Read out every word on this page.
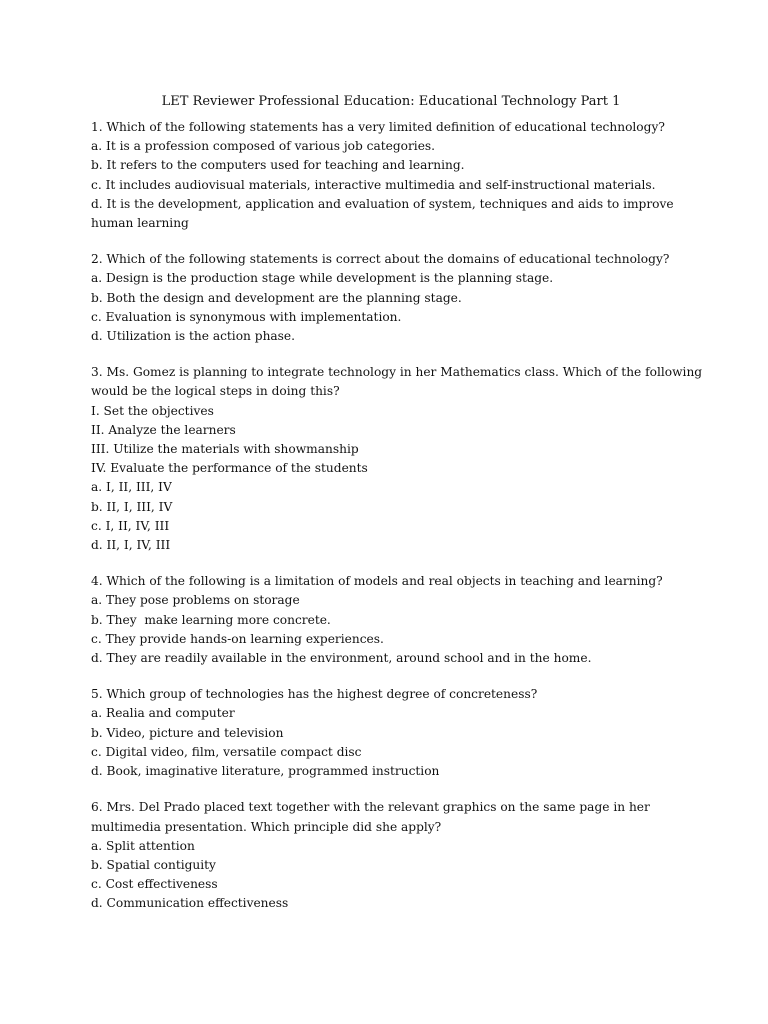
LET Reviewer Professional Education: Educational Technology Part 1
1. Which of the following statements has a very limited definition of educational technology?
a. It is a profession composed of various job categories.
b. It refers to the computers used for teaching and learning.
c. It includes audiovisual materials, interactive multimedia and self-instructional materials.
d. It is the development, application and evaluation of system, techniques and aids to improve
human learning
2. Which of the following statements is correct about the domains of educational technology?
a. Design is the production stage while development is the planning stage.
b. Both the design and development are the planning stage.
c. Evaluation is synonymous with implementation.
d. Utilization is the action phase.
3. Ms. Gomez is planning to integrate technology in her Mathematics class. Which of the following
would be the logical steps in doing this?
I. Set the objectives
II. Analyze the learners
III. Utilize the materials with showmanship
IV. Evaluate the performance of the students
a. I, II, III, IV
b. II, I, III, IV
c. I, II, IV, III
d. II, I, IV, III
4. Which of the following is a limitation of models and real objects in teaching and learning?
a. They pose problems on storage
b. They  make learning more concrete.
c. They provide hands-on learning experiences.
d. They are readily available in the environment, around school and in the home.
5. Which group of technologies has the highest degree of concreteness?
a. Realia and computer
b. Video, picture and television
c. Digital video, film, versatile compact disc
d. Book, imaginative literature, programmed instruction
6. Mrs. Del Prado placed text together with the relevant graphics on the same page in her
multimedia presentation. Which principle did she apply?
a. Split attention
b. Spatial contiguity
c. Cost effectiveness
d. Communication effectiveness
